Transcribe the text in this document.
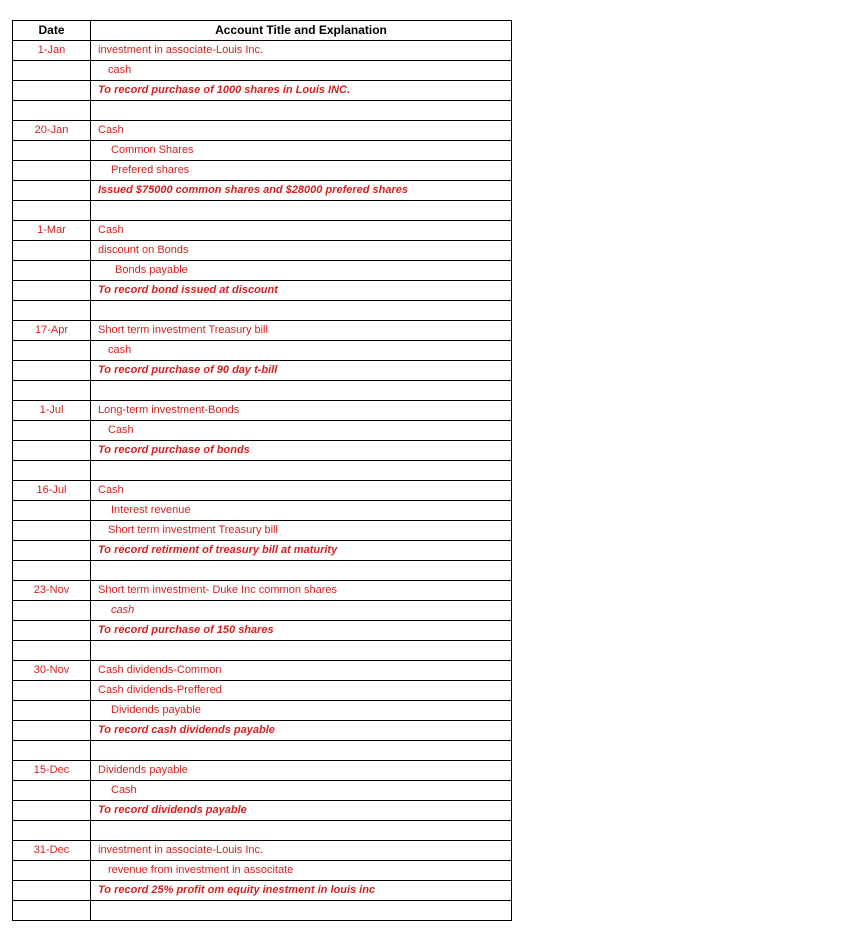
Date	Account Title and Explanation
1-Jan	investment in associate-Louis Inc.
	cash
	To record purchase of 1000 shares in Louis INC.

20-Jan	Cash
	Common Shares
	Prefered shares
	Issued $75000 common shares and $28000 prefered shares

1-Mar	Cash
	discount on Bonds
	Bonds payable
	To record bond issued at discount

17-Apr	Short term investment Treasury bill
	cash
	To record purchase of 90 day t-bill

1-Jul	Long-term investment-Bonds
	Cash
	To record purchase of bonds

16-Jul	Cash
	Interest revenue
	Short term investment Treasury bill
	To record retirment of treasury bill at maturity

23-Nov	Short term investment- Duke Inc common shares
	cash
	To record purchase of 150 shares

30-Nov	Cash dividends-Common
	Cash dividends-Preffered
	Dividends payable
	To record cash dividends payable

15-Dec	Dividends payable
	Cash
	To record dividends payable

31-Dec	investment in associate-Louis Inc.
	revenue from investment in associtate
	To record 25% profit om equity inestment in louis inc
